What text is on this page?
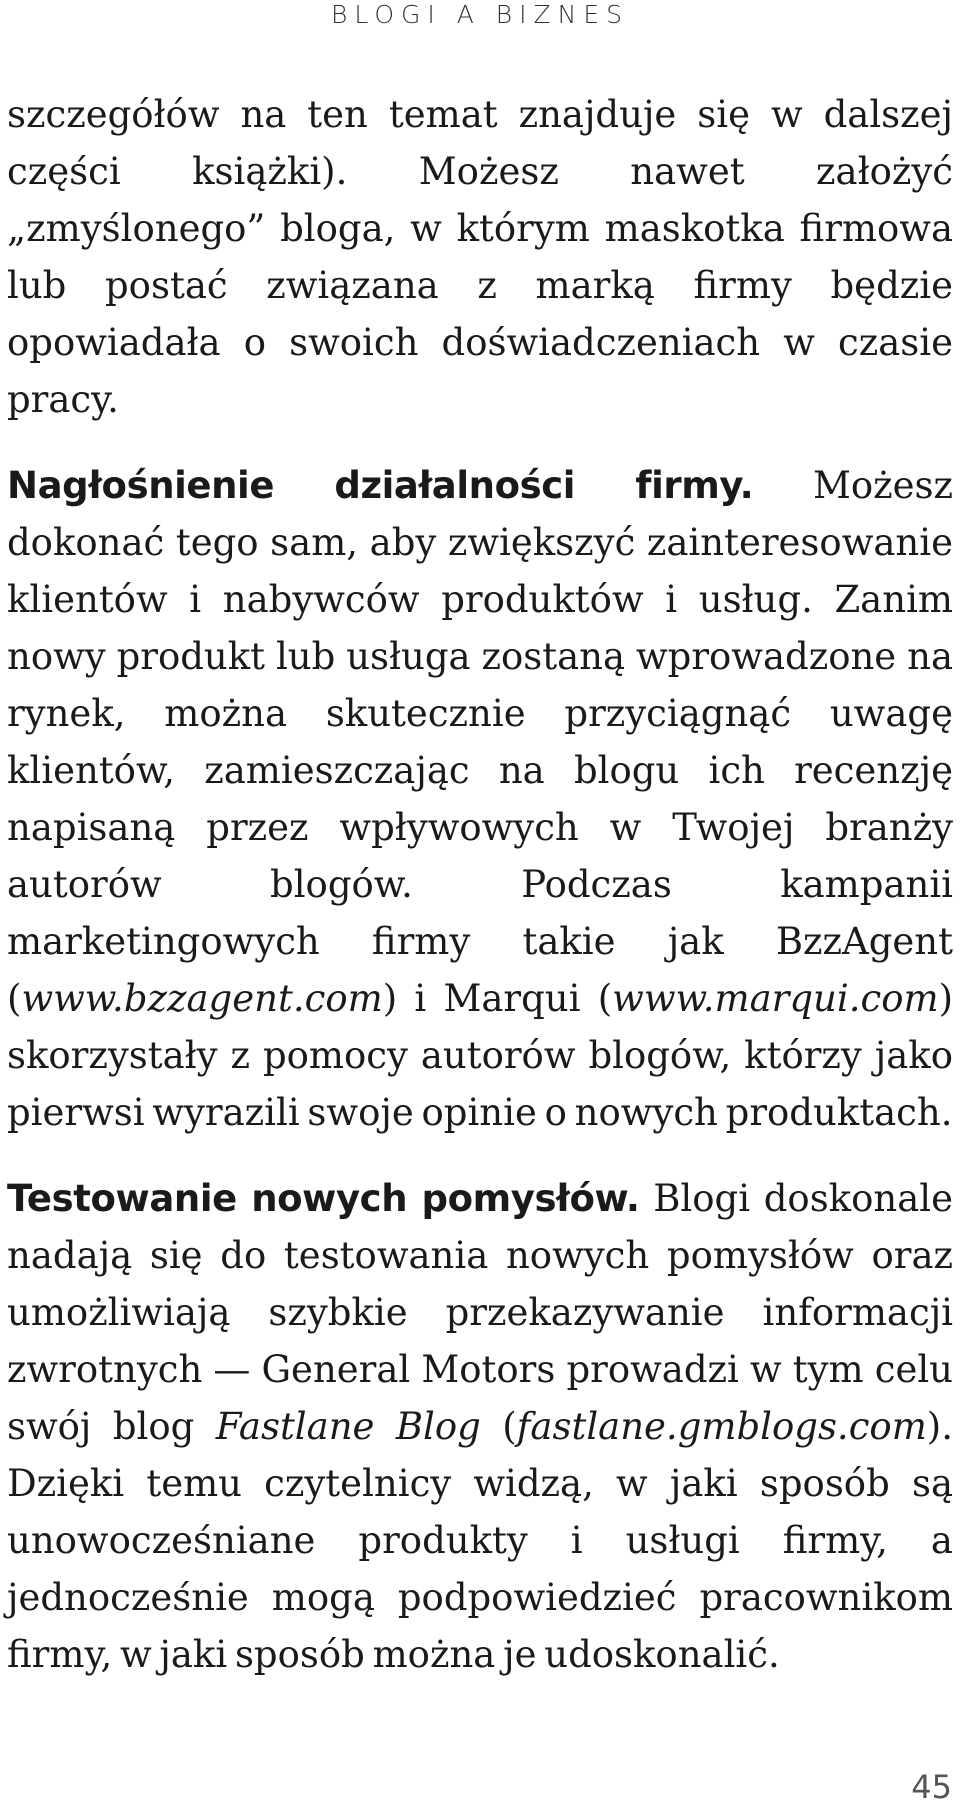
BLOGI A BIZNES

szczegółów na ten temat znajduje się w dalszej części książki). Możesz nawet założyć „zmyślonego” bloga, w którym maskotka firmowa lub postać związana z marką firmy będzie opowiadała o swoich doświadczeniach w czasie pracy.

Nagłośnienie działalności firmy. Możesz dokonać tego sam, aby zwiększyć zainteresowanie klientów i nabywców produktów i usług. Zanim nowy produkt lub usługa zostaną wprowadzone na rynek, można skutecznie przyciągnąć uwagę klientów, zamieszczając na blogu ich recenzję napisaną przez wpływowych w Twojej branży autorów blogów. Podczas kampanii marketingowych firmy takie jak BzzAgent (www.bzzagent.com) i Marqui (www.marqui.com) skorzystały z pomocy autorów blogów, którzy jako pierwsi wyrazili swoje opinie o nowych produktach.

Testowanie nowych pomysłów. Blogi doskonale nadają się do testowania nowych pomysłów oraz umożliwiają szybkie przekazywanie informacji zwrotnych — General Motors prowadzi w tym celu swój blog Fastlane Blog (fastlane.gmblogs.com). Dzięki temu czytelnicy widzą, w jaki sposób są unowocześniane produkty i usługi firmy, a jednocześnie mogą podpowiedzieć pracownikom firmy, w jaki sposób można je udoskonalić.

45
